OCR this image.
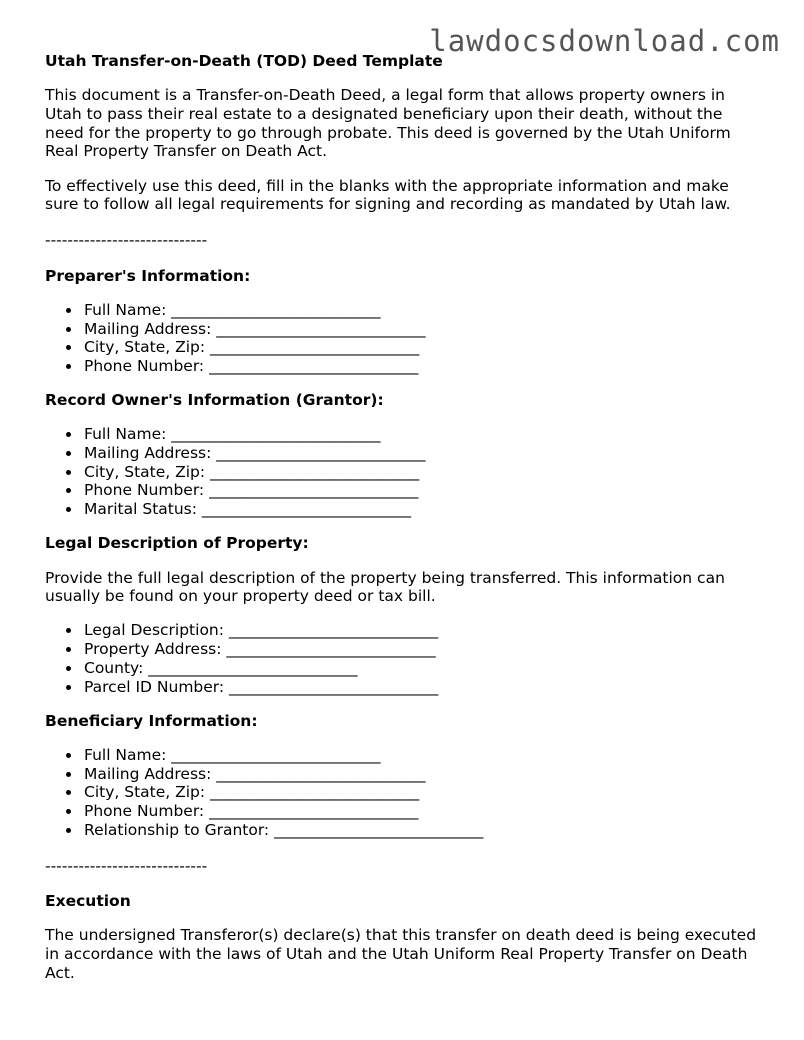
lawdocsdownload.com
Utah Transfer-on-Death (TOD) Deed Template

This document is a Transfer-on-Death Deed, a legal form that allows property owners in Utah to pass their real estate to a designated beneficiary upon their death, without the need for the property to go through probate. This deed is governed by the Utah Uniform Real Property Transfer on Death Act.

To effectively use this deed, fill in the blanks with the appropriate information and make sure to follow all legal requirements for signing and recording as mandated by Utah law.

-----------------------------

Preparer's Information:
Full Name: ___________________________
Mailing Address: ___________________________
City, State, Zip: ___________________________
Phone Number: ___________________________
Record Owner's Information (Grantor):
Full Name: ___________________________
Mailing Address: ___________________________
City, State, Zip: ___________________________
Phone Number: ___________________________
Marital Status: ___________________________
Legal Description of Property:

Provide the full legal description of the property being transferred. This information can usually be found on your property deed or tax bill.

Legal Description: ___________________________
Property Address: ___________________________
County: ___________________________
Parcel ID Number: ___________________________
Beneficiary Information:
Full Name: ___________________________
Mailing Address: ___________________________
City, State, Zip: ___________________________
Phone Number: ___________________________
Relationship to Grantor: ___________________________

-----------------------------

Execution

The undersigned Transferor(s) declare(s) that this transfer on death deed is being executed in accordance with the laws of Utah and the Utah Uniform Real Property Transfer on Death Act.
